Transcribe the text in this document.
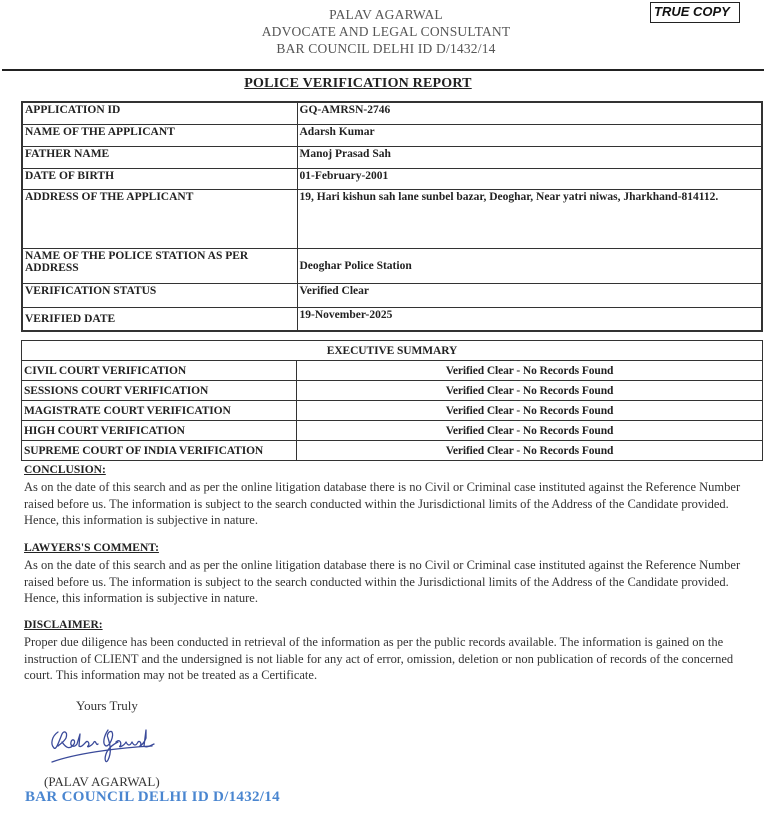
PALAV AGARWAL
ADVOCATE AND LEGAL CONSULTANT
BAR COUNCIL DELHI ID D/1432/14
TRUE COPY
POLICE VERIFICATION REPORT
APPLICATION ID	GQ-AMRSN-2746
NAME OF THE APPLICANT	Adarsh Kumar
FATHER NAME	Manoj Prasad Sah
DATE OF BIRTH	01-February-2001
ADDRESS OF THE APPLICANT	19, Hari kishun sah lane sunbel bazar, Deoghar, Near yatri niwas, Jharkhand-814112.
NAME OF THE POLICE STATION AS PER ADDRESS	Deoghar Police Station
VERIFICATION STATUS	Verified Clear
VERIFIED DATE	19-November-2025
EXECUTIVE SUMMARY	
CIVIL COURT VERIFICATION	Verified Clear - No Records Found
SESSIONS COURT VERIFICATION	Verified Clear - No Records Found
MAGISTRATE COURT VERIFICATION	Verified Clear - No Records Found
HIGH COURT VERIFICATION	Verified Clear - No Records Found
SUPREME COURT OF INDIA VERIFICATION	Verified Clear - No Records Found
CONCLUSION:
As on the date of this search and as per the online litigation database there is no Civil or Criminal case instituted against the Reference Number raised before us. The information is subject to the search conducted within the Jurisdictional limits of the Address of the Candidate provided. Hence, this information is subjective in nature.
LAWYERS'S COMMENT:
As on the date of this search and as per the online litigation database there is no Civil or Criminal case instituted against the Reference Number raised before us. The information is subject to the search conducted within the Jurisdictional limits of the Address of the Candidate provided. Hence, this information is subjective in nature.
DISCLAIMER:
Proper due diligence has been conducted in retrieval of the information as per the public records available. The information is gained on the instruction of CLIENT and the undersigned is not liable for any act of error, omission, deletion or non publication of records of the concerned court. This information may not be treated as a Certificate.
Yours Truly
(PALAV AGARWAL)
BAR COUNCIL DELHI ID D/1432/14
